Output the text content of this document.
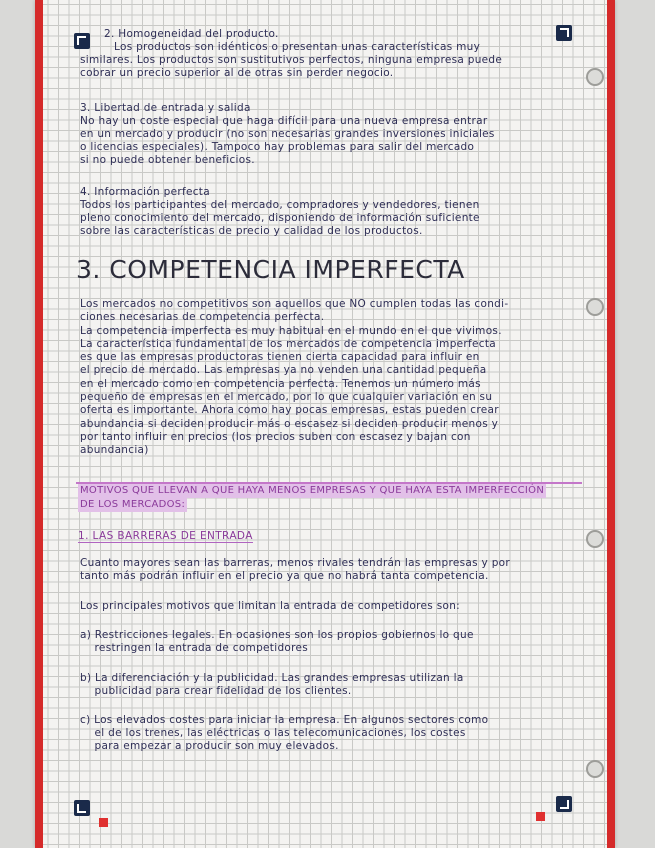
2. Homogeneidad del producto.

Los productos son idénticos o presentan unas características muy

similares. Los productos son sustitutivos perfectos, ninguna empresa puede

cobrar un precio superior al de otras sin perder negocio.

3. Libertad de entrada y salida

No hay un coste especial que haga difícil para una nueva empresa entrar

en un mercado y producir (no son necesarias grandes inversiones iniciales

o licencias especiales). Tampoco hay problemas para salir del mercado

si no puede obtener beneficios.

4. Información perfecta

Todos los participantes del mercado, compradores y vendedores, tienen

pleno conocimiento del mercado, disponiendo de información suficiente

sobre las características de precio y calidad de los productos.

3. COMPETENCIA IMPERFECTA

Los mercados no competitivos son aquellos que NO cumplen todas las condi-

ciones necesarias de competencia perfecta.

La competencia imperfecta es muy habitual en el mundo en el que vivimos.

La característica fundamental de los mercados de competencia imperfecta

es que las empresas productoras tienen cierta capacidad para influir en

el precio de mercado. Las empresas ya no venden una cantidad pequeña

en el mercado como en competencia perfecta. Tenemos un número más

pequeño de empresas en el mercado, por lo que cualquier variación en su

oferta es importante. Ahora como hay pocas empresas, estas pueden crear

abundancia si deciden producir más o escasez si deciden producir menos y

por tanto influir en precios (los precios suben con escasez y bajan con

abundancia)

MOTIVOS QUE LLEVAN A QUE HAYA MENOS EMPRESAS Y QUE HAYA ESTA IMPERFECCIÓN
DE LOS MERCADOS:
1. LAS BARRERAS DE ENTRADA

Cuanto mayores sean las barreras, menos rivales tendrán las empresas y por

tanto más podrán influir en el precio ya que no habrá tanta competencia.

Los principales motivos que limitan la entrada de competidores son:

a) Restricciones legales. En ocasiones son los propios gobiernos lo que

restringen la entrada de competidores

b) La diferenciación y la publicidad. Las grandes empresas utilizan la

publicidad para crear fidelidad de los clientes.

c) Los elevados costes para iniciar la empresa. En algunos sectores como

el de los trenes, las eléctricas o las telecomunicaciones, los costes

para empezar a producir son muy elevados.
